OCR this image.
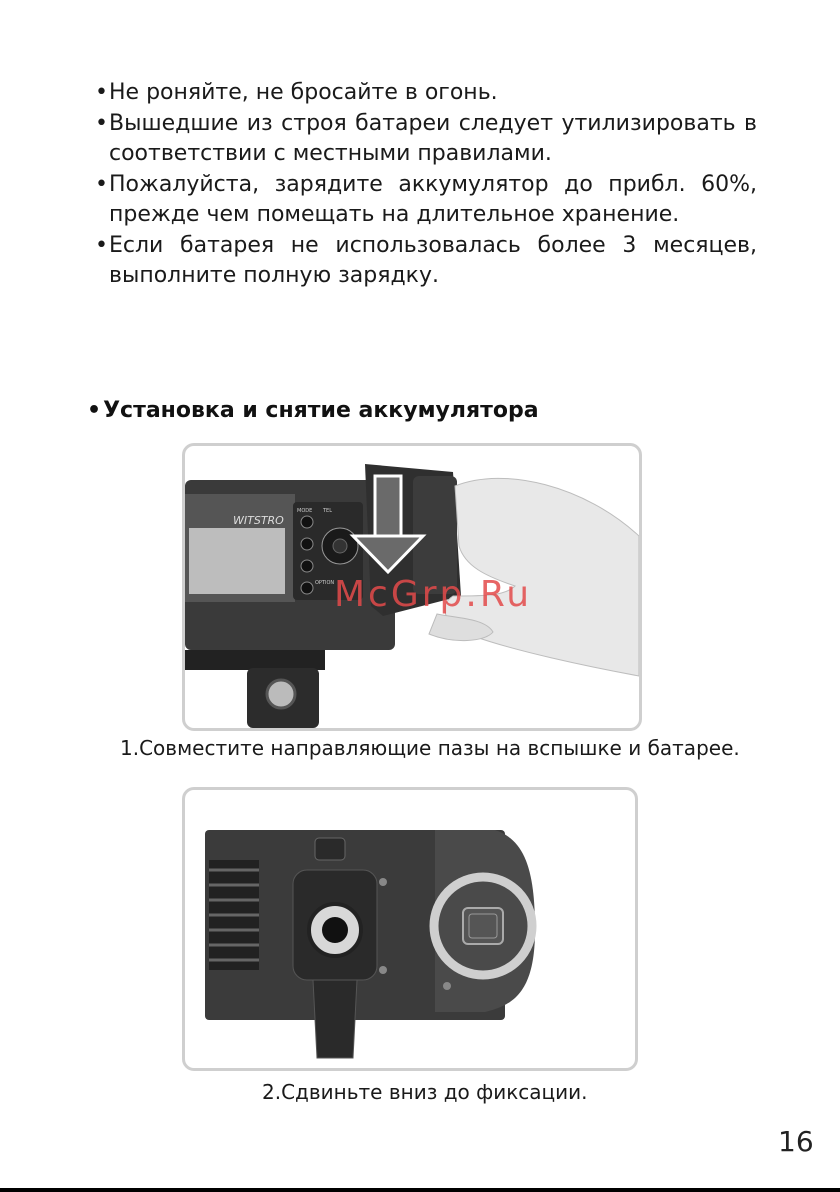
• Не роняйте, не бросайте в огонь.
• Вышедшие из строя батареи следует утилизировать в соответствии с местными правилами.
• Пожалуйста, зарядите аккумулятор до прибл. 60%, прежде чем помещать на длительное хранение.
• Если батарея не использовалась более 3 месяцев, выполните полную зарядку.
•Установка и снятие аккумулятора
WITSTRO
MODE TEL
OPTION
1.Совместите направляющие пазы на вспышке и батарее.
2.Сдвиньте вниз до фиксации.
McGrp.Ru
16
